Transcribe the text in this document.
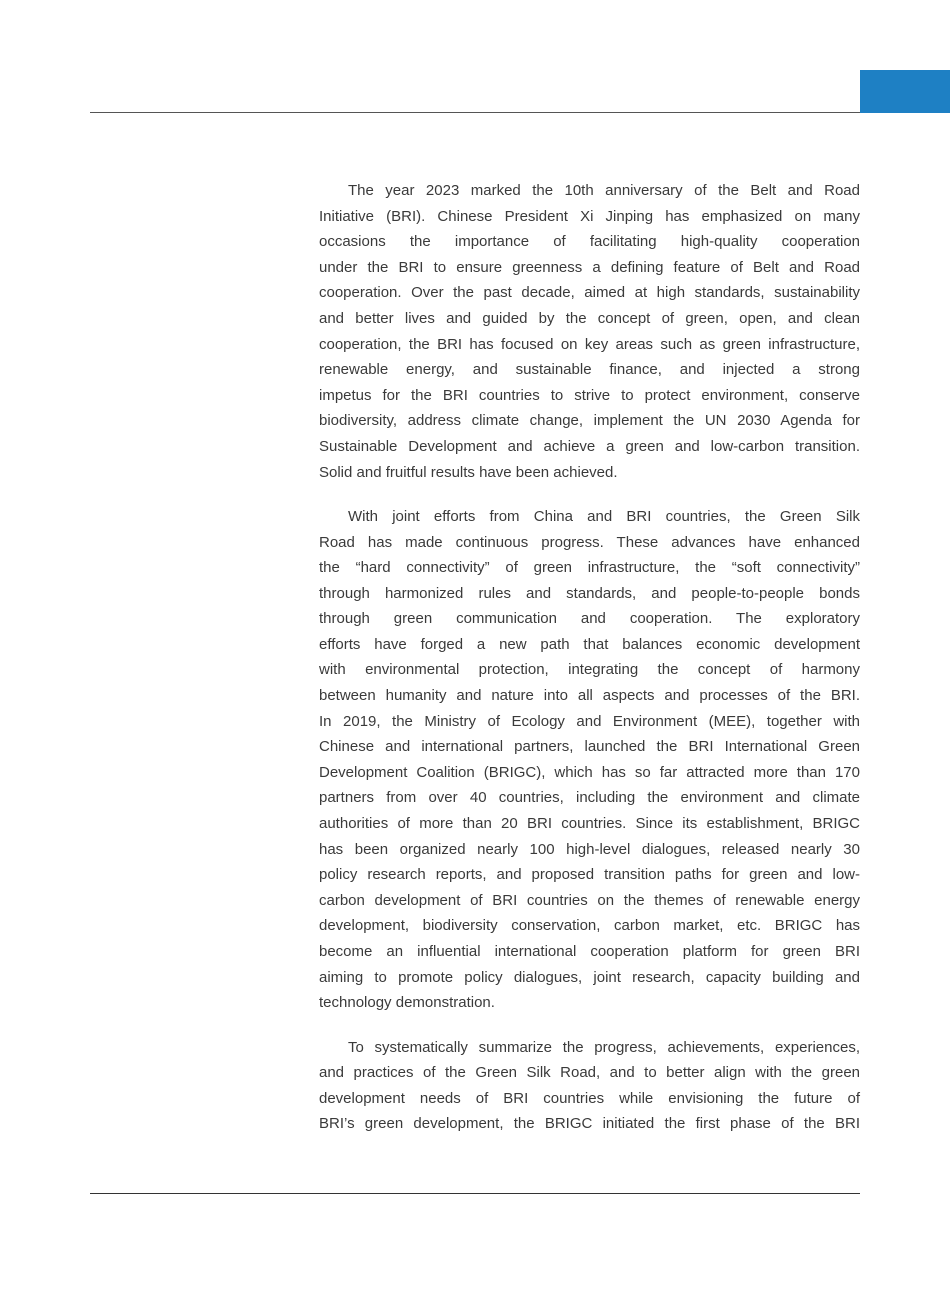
The year 2023 marked the 10th anniversary of the Belt and Road
Initiative (BRI). Chinese President Xi Jinping has emphasized on many
occasions the importance of facilitating high-quality cooperation
under the BRI to ensure greenness a defining feature of Belt and Road
cooperation. Over the past decade, aimed at high standards, sustainability
and better lives and guided by the concept of green, open, and clean
cooperation, the BRI has focused on key areas such as green infrastructure,
renewable energy, and sustainable finance, and injected a strong
impetus for the BRI countries to strive to protect environment, conserve
biodiversity, address climate change, implement the UN 2030 Agenda for
Sustainable Development and achieve a green and low-carbon transition.
Solid and fruitful results have been achieved.
With joint efforts from China and BRI countries, the Green Silk
Road has made continuous progress. These advances have enhanced
the “hard connectivity” of green infrastructure, the “soft connectivity”
through harmonized rules and standards, and people-to-people bonds
through green communication and cooperation. The exploratory
efforts have forged a new path that balances economic development
with environmental protection, integrating the concept of harmony
between humanity and nature into all aspects and processes of the BRI.
In 2019, the Ministry of Ecology and Environment (MEE), together with
Chinese and international partners, launched the BRI International Green
Development Coalition (BRIGC), which has so far attracted more than 170
partners from over 40 countries, including the environment and climate
authorities of more than 20 BRI countries. Since its establishment, BRIGC
has been organized nearly 100 high-level dialogues, released nearly 30
policy research reports, and proposed transition paths for green and low-
carbon development of BRI countries on the themes of renewable energy
development, biodiversity conservation, carbon market, etc. BRIGC has
become an influential international cooperation platform for green BRI
aiming to promote policy dialogues, joint research, capacity building and
technology demonstration.
To systematically summarize the progress, achievements, experiences,
and practices of the Green Silk Road, and to better align with the green
development needs of BRI countries while envisioning the future of
BRI’s green development, the BRIGC initiated the first phase of the BRI
